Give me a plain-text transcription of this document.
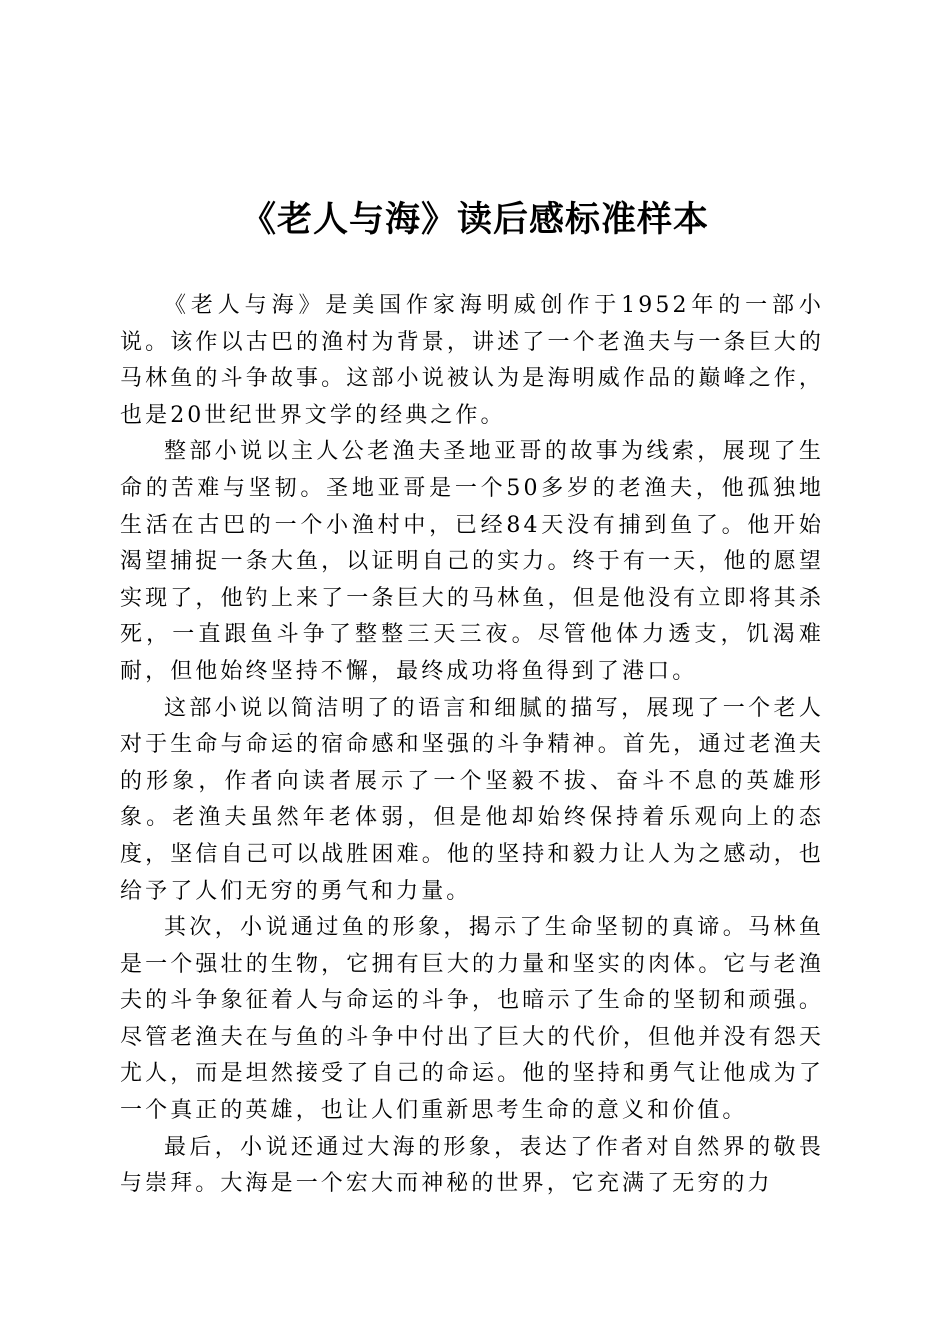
《老人与海》读后感标准样本

《老人与海》是美国作家海明威创作于1952年的一部小说。该作以古巴的渔村为背景，讲述了一个老渔夫与一条巨大的马林鱼的斗争故事。这部小说被认为是海明威作品的巅峰之作，也是20世纪世界文学的经典之作。

整部小说以主人公老渔夫圣地亚哥的故事为线索，展现了生命的苦难与坚韧。圣地亚哥是一个50多岁的老渔夫，他孤独地生活在古巴的一个小渔村中，已经84天没有捕到鱼了。他开始渴望捕捉一条大鱼，以证明自己的实力。终于有一天，他的愿望实现了，他钓上来了一条巨大的马林鱼，但是他没有立即将其杀死，一直跟鱼斗争了整整三天三夜。尽管他体力透支，饥渴难耐，但他始终坚持不懈，最终成功将鱼得到了港口。

这部小说以简洁明了的语言和细腻的描写，展现了一个老人对于生命与命运的宿命感和坚强的斗争精神。首先，通过老渔夫的形象，作者向读者展示了一个坚毅不拔、奋斗不息的英雄形象。老渔夫虽然年老体弱，但是他却始终保持着乐观向上的态度，坚信自己可以战胜困难。他的坚持和毅力让人为之感动，也给予了人们无穷的勇气和力量。

其次，小说通过鱼的形象，揭示了生命坚韧的真谛。马林鱼是一个强壮的生物，它拥有巨大的力量和坚实的肉体。它与老渔夫的斗争象征着人与命运的斗争，也暗示了生命的坚韧和顽强。尽管老渔夫在与鱼的斗争中付出了巨大的代价，但他并没有怨天尤人，而是坦然接受了自己的命运。他的坚持和勇气让他成为了一个真正的英雄，也让人们重新思考生命的意义和价值。

最后，小说还通过大海的形象，表达了作者对自然界的敬畏与崇拜。大海是一个宏大而神秘的世界，它充满了无穷的力
